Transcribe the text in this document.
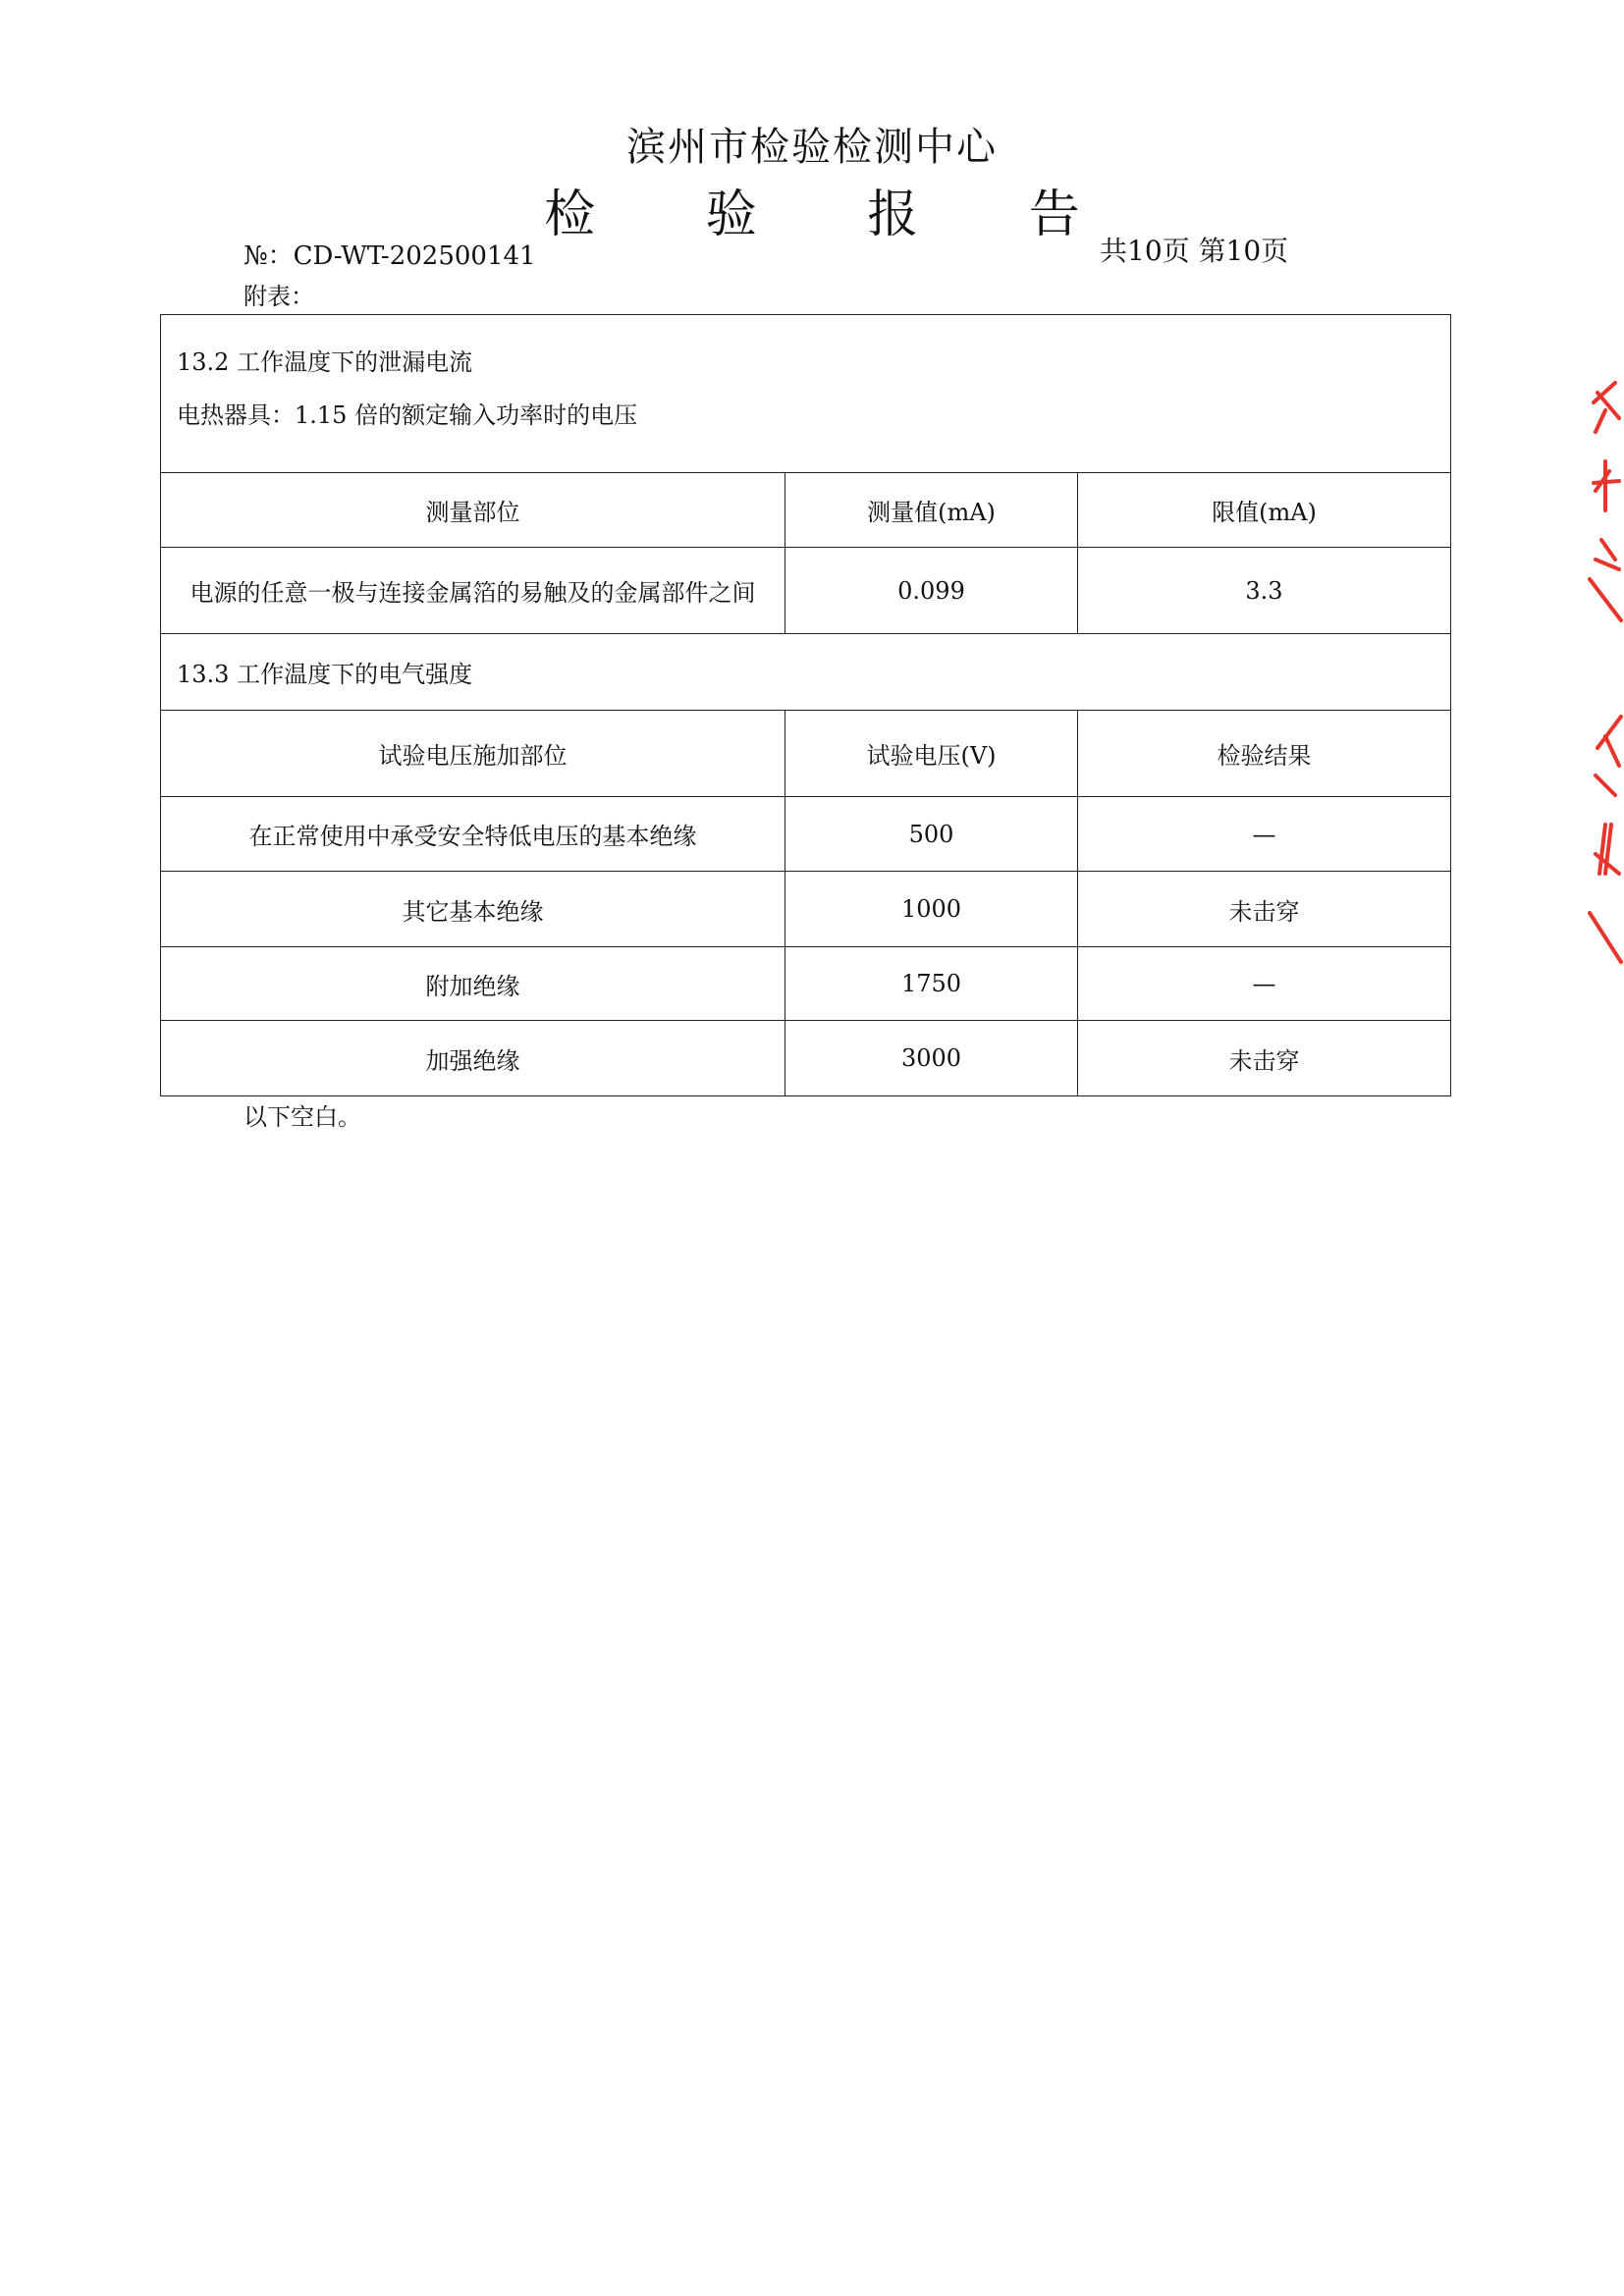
滨州市检验检测中心
检 验 报 告
№：CD-WT-202500141	共10页 第10页
附表：
13.2 工作温度下的泄漏电流
电热器具：1.15 倍的额定输入功率时的电压
测量部位	测量值(mA)	限值(mA)
电源的任意一极与连接金属箔的易触及的金属部件之间	0.099	3.3
13.3 工作温度下的电气强度
试验电压施加部位	试验电压(V)	检验结果
在正常使用中承受安全特低电压的基本绝缘	500	—
其它基本绝缘	1000	未击穿
附加绝缘	1750	—
加强绝缘	3000	未击穿
以下空白。
